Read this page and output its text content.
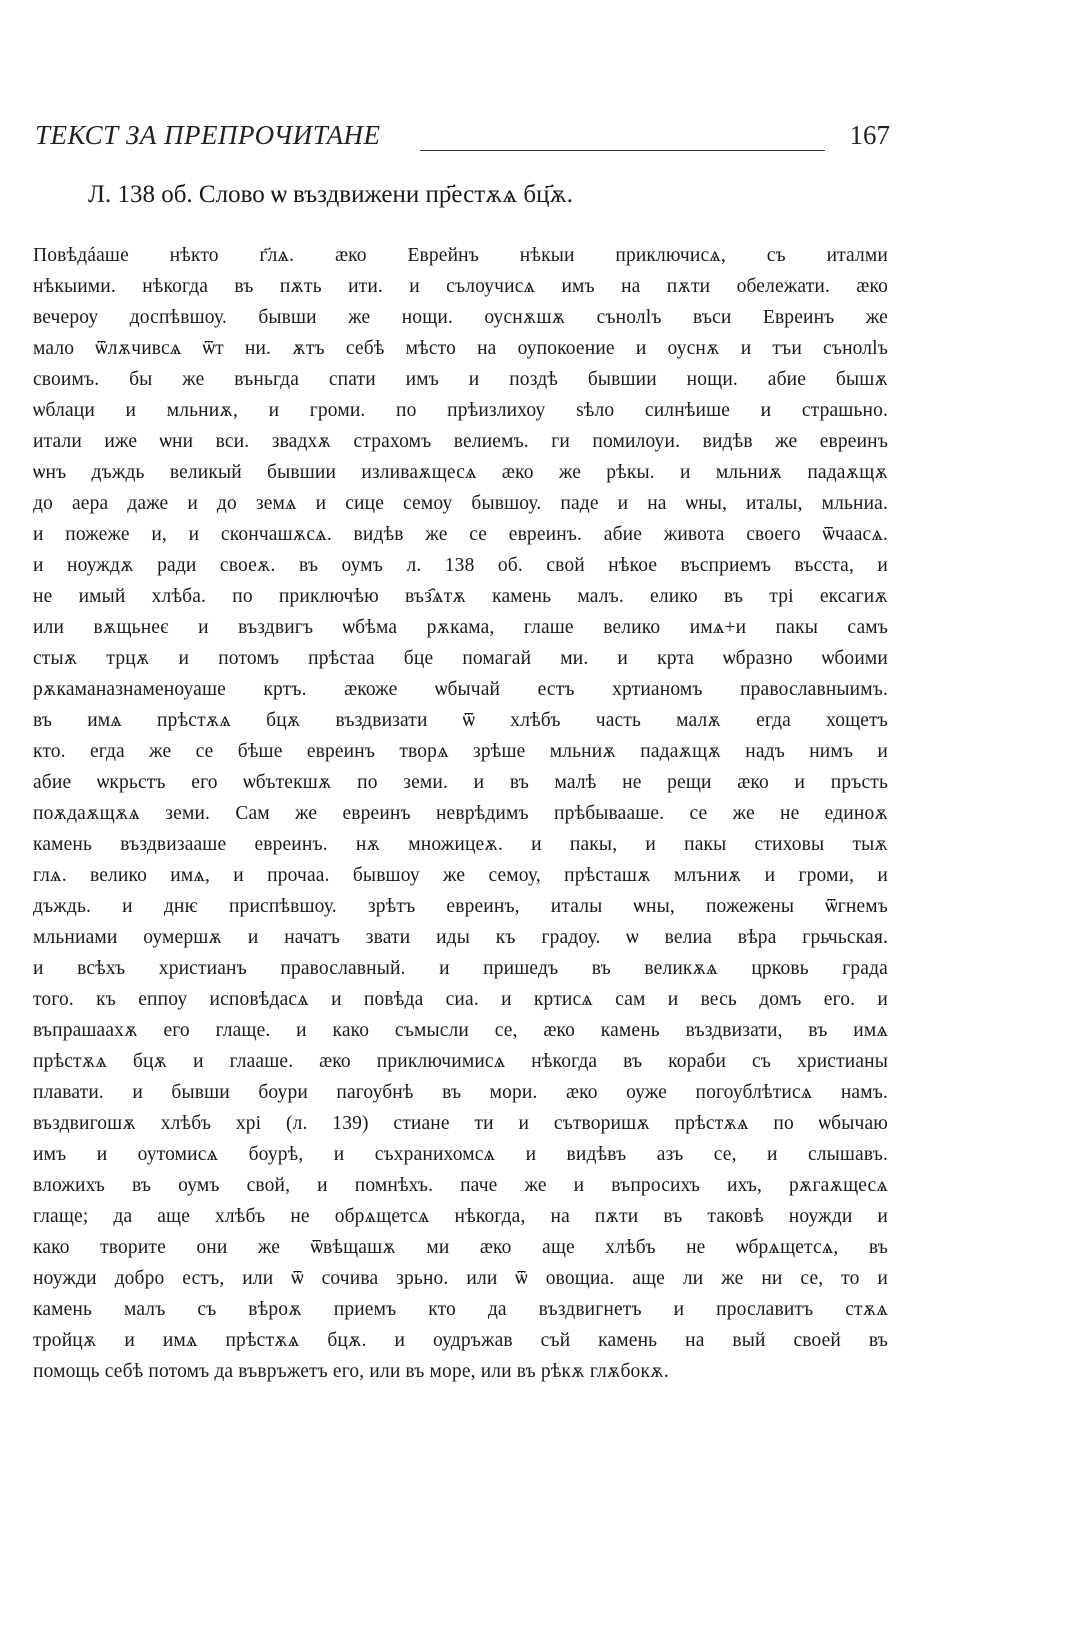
ТЕКСТ ЗА ПРЕПРОЧИТАНЕ	167
Л. 138 об. Слово ѡ въздвижени пр҃естѫѧ бц҃ѫ.
Повѣдáаше нѣкто г҃лѧ. ӕко Еврейнъ нѣкыи приключисѧ, съ италми
нѣкыими. нѣкогда въ пѫть ити. и сълоучисѧ имъ на пѫти обележати. ӕко
вечероу доспѣвшоу. бывши же нощи. оуснѫшѫ сънолӏъ въси Евреинъ же
мало ѿлѫчивсѧ ѿт ни. ѫтъ себѣ мѣсто на оупокоение и оуснѫ и тъи сънолӏъ
своимъ. бы же въньгда спати имъ и поздѣ бывшии нощи. абие бышѫ
ѡблаци и мльниѫ, и громи. по прѣизлихоу ѕѣло силнѣише и страшьно.
итали иже ѡни вси. звадхѫ страхомъ велиемъ. ги помилоуи. видѣв же евреинъ
ѡнъ дъждь великый бывшии изливаѫщесѧ ӕко же рѣкы. и мльниѫ падаѫщѫ
до аера даже и до земѧ и сице семоу бывшоу. паде и на ѡны, италы, мльниа.
и пожеже и, и скончашѫсѧ. видѣв же се евреинъ. абие живота своего ѿчаасѧ.
и ноуждѫ ради своеѫ. въ оумъ л. 138 об. свой нѣкое въсприемъ въсста, и
не имый хлѣба. по приключѣю въз҄ѧтѫ камень малъ. елико въ трі ексагиѫ
или вѫщьнеє и въздвигъ ѡбѣма рѫкама, глаше велико имѧ+и пакы самъ
стыѫ трцѫ и потомъ прѣстаа бце помагай ми. и крта ѡбразно ѡбоими
рѫкаманазнаменоуаше кртъ. ӕкоже ѡбычай естъ хртианомъ православныимъ.
въ имѧ прѣстѫѧ бцѫ въздвизати ѿ хлѣбъ часть малѫ егда хощетъ
кто. егда же се бѣше евреинъ творѧ зрѣше мльниѫ падаѫщѫ надъ нимъ и
абие ѡкрьстъ его ѡбътекшѫ по земи. и въ малѣ не рещи ӕко и пръсть
поѫдаѫщѫѧ земи. Сам же евреинъ неврѣдимъ прѣбывааше. се же не единоѫ
камень въздвизааше евреинъ. нѫ множицеѫ. и пакы, и пакы стиховы тыѫ
глѧ. велико имѧ, и прочаа. бывшоу же семоу, прѣсташѫ млъниѫ и громи, и
дъждь. и днѥ приспѣвшоу. зрѣтъ евреинъ, италы ѡны, пожежены ѿгнемъ
мльниами оумершѫ и начатъ звати иды къ градоу. ѡ велиа вѣра грьчьская.
и всѣхъ христианъ православный. и пришедъ въ великѫѧ црковь града
того. къ еппоу исповѣдасѧ и повѣда сиа. и кртисѧ сам и весь домъ его. и
въпрашаахѫ его глаще. и како съмысли се, ӕко камень въздвизати, въ имѧ
прѣстѫѧ бцѫ и глааше. ӕко приключимисѧ нѣкогда въ кораби съ христианы
плавати. и бывши боури пагоубнѣ въ мори. ӕко оуже погоублѣтисѧ намъ.
въздвигошѫ хлѣбъ хрі (л. 139) стиане ти и сътворишѫ прѣстѫѧ по ѡбычаю
имъ и оутомисѧ боурѣ, и съхранихомсѧ и видѣвъ азъ се, и слышавъ.
вложихъ въ оумъ свой, и помнѣхъ. паче же и въпросихъ ихъ, рѫгаѫщесѧ
глаще; да аще хлѣбъ не обрѧщетсѧ нѣкогда, на пѫти въ таковѣ ноужди и
како творите они же ѿвѣщашѫ ми ӕко аще хлѣбъ не ѡбрѧщетсѧ, въ
ноужди добро естъ, или ѿ сочива зрьно. или ѿ овощиа. аще ли же ни се, то и
камень малъ съ вѣроѫ приемъ кто да въздвигнетъ и прославитъ стѫѧ
тройцѫ и имѧ прѣстѫѧ бцѫ. и оудръжав съй камень на вый своей въ
помощь себѣ потомъ да въвръжетъ его, или въ море, или въ рѣкѫ глѫбокѫ.
